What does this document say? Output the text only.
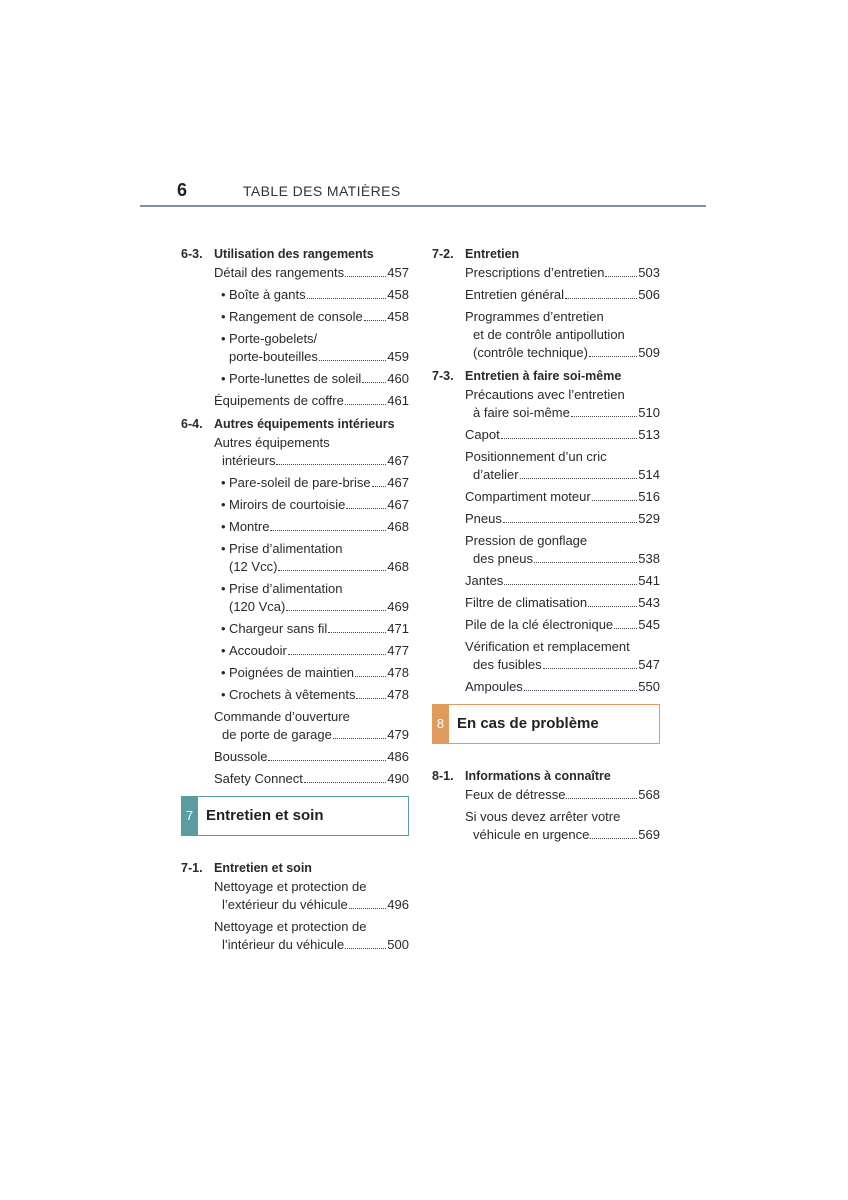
6	TABLE DES MATIÈRES
6-3. Utilisation des rangements
Détail des rangements	457
• Boîte à gants	458
• Rangement de console 458
• Porte-gobelets/
porte-bouteilles	459
• Porte-lunettes de soleil 460
Équipements de coffre	461
6-4. Autres équipements intérieurs
Autres équipements
intérieurs	467
• Pare-soleil de pare-brise 467
• Miroirs de courtoisie	467
• Montre	468
• Prise d’alimentation
(12 Vcc)	468
• Prise d’alimentation
(120 Vca)	469
• Chargeur sans fil	471
• Accoudoir	477
• Poignées de maintien	478
• Crochets à vêtements 478
Commande d’ouverture
de porte de garage	479
Boussole	486
Safety Connect	490
7 Entretien et soin
7-1. Entretien et soin
Nettoyage et protection de
l’extérieur du véhicule	496
Nettoyage et protection de
l’intérieur du véhicule	500
7-2. Entretien
Prescriptions d’entretien	503
Entretien général	506
Programmes d’entretien
et de contrôle antipollution
(contrôle technique)	509
7-3. Entretien à faire soi-même
Précautions avec l’entretien
à faire soi-même	510
Capot	513
Positionnement d’un cric
d’atelier	514
Compartiment moteur	516
Pneus	529
Pression de gonflage
des pneus	538
Jantes	541
Filtre de climatisation	543
Pile de la clé électronique 545
Vérification et remplacement
des fusibles	547
Ampoules	550
8 En cas de problème
8-1. Informations à connaître
Feux de détresse	568
Si vous devez arrêter votre
véhicule en urgence	569
